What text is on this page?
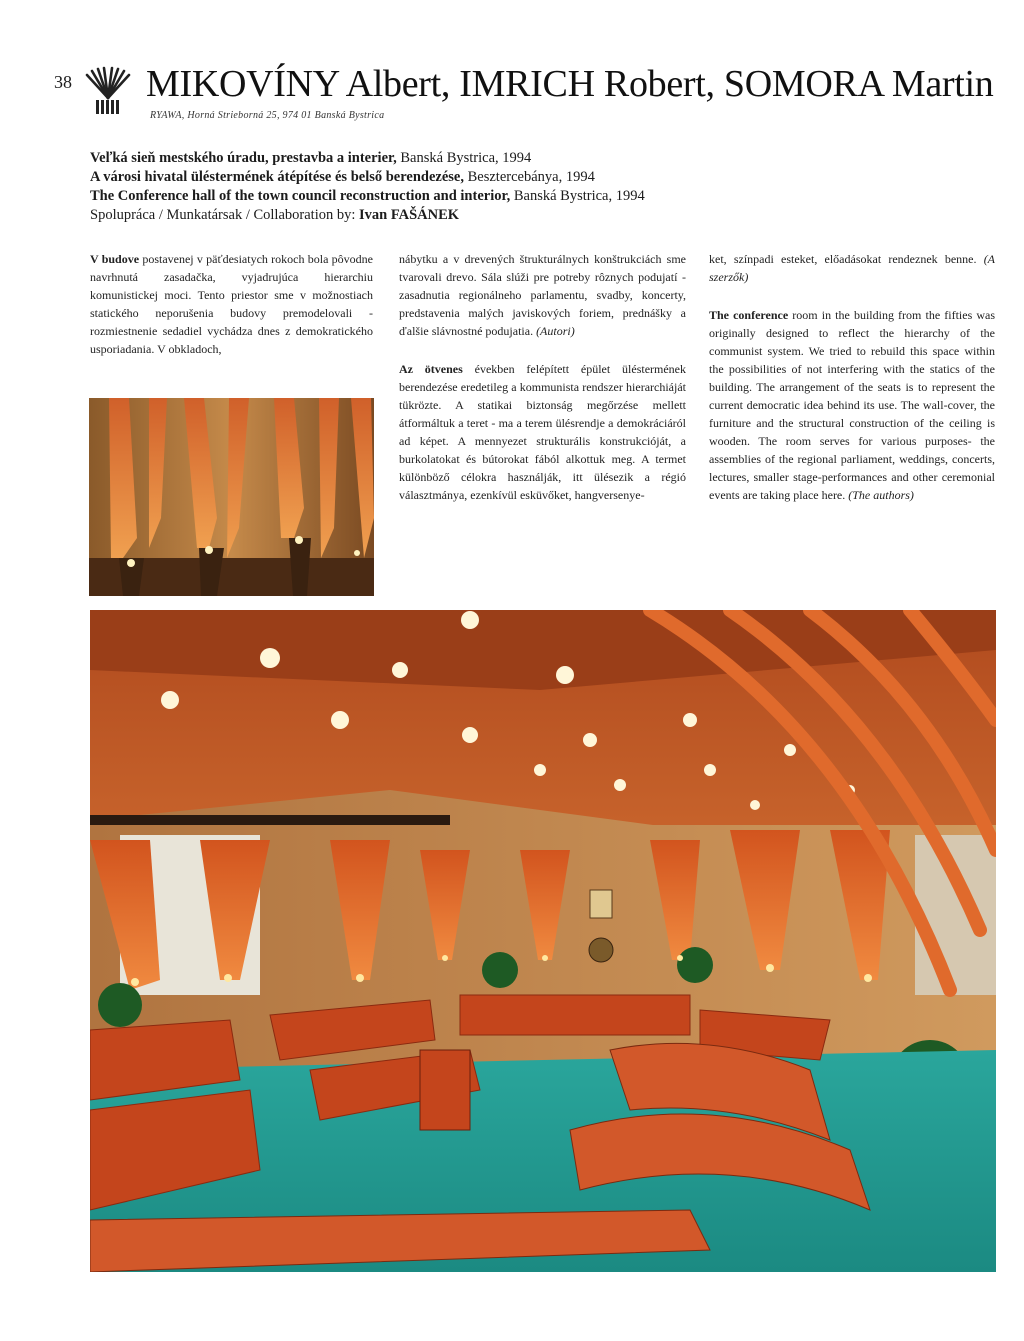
38 MIKOVÍNY Albert, IMRICH Robert, SOMORA Martin
RYAWA, Horná Strieborná 25, 974 01 Banská Bystrica
Veľká sieň mestského úradu, prestavba a interier, Banská Bystrica, 1994
A városi hivatal üléstermének átépítése és belső berendezése, Besztercebánya, 1994
The Conference hall of the town council reconstruction and interior, Banská Bystrica, 1994
Spolupráca / Munkatársak / Collaboration by: Ivan FAŠÁNEK

V budove postavenej v päťdesiatych rokoch bola pôvodne navrhnutá zasadačka, vyjadrujúca hierarchiu komunistickej moci. Tento priestor sme v možnostiach statického neporušenia budovy premodelovali - rozmiestnenie sedadiel vychádza dnes z demokratického usporiadania. V obkladoch,

nábytku a v drevených štrukturálnych konštrukciách sme tvarovali drevo. Sála slúži pre potreby rôznych podujatí - zasadnutia regionálneho parlamentu, svadby, koncerty, predstavenia malých javiskových foriem, prednášky a ďalšie slávnostné podujatia. (Autori)

Az ötvenes években felépített épület üléstermének berendezése eredetileg a kommunista rendszer hierarchiáját tükrözte. A statikai biztonság megőrzése mellett átformáltuk a teret - ma a terem ülésrendje a demokráciáról ad képet. A mennyezet strukturális konstrukcióját, a burkolatokat és bútorokat fából alkottuk meg. A termet különböző célokra használják, itt ülésezik a régió választmánya, ezenkívül esküvőket, hangversenye-

ket, színpadi esteket, előadásokat rendeznek benne. (A szerzők)

The conference room in the building from the fifties was originally designed to reflect the hierarchy of the communist system. We tried to rebuild this space within the possibilities of not interfering with the statics of the building. The arrangement of the seats is to represent the current democratic idea behind its use. The wall-cover, the furniture and the structural construction of the ceiling is wooden. The room serves for various purposes- the assemblies of the regional parliament, weddings, concerts, lectures, smaller stage-performances and other ceremonial events are taking place here. (The authors)
